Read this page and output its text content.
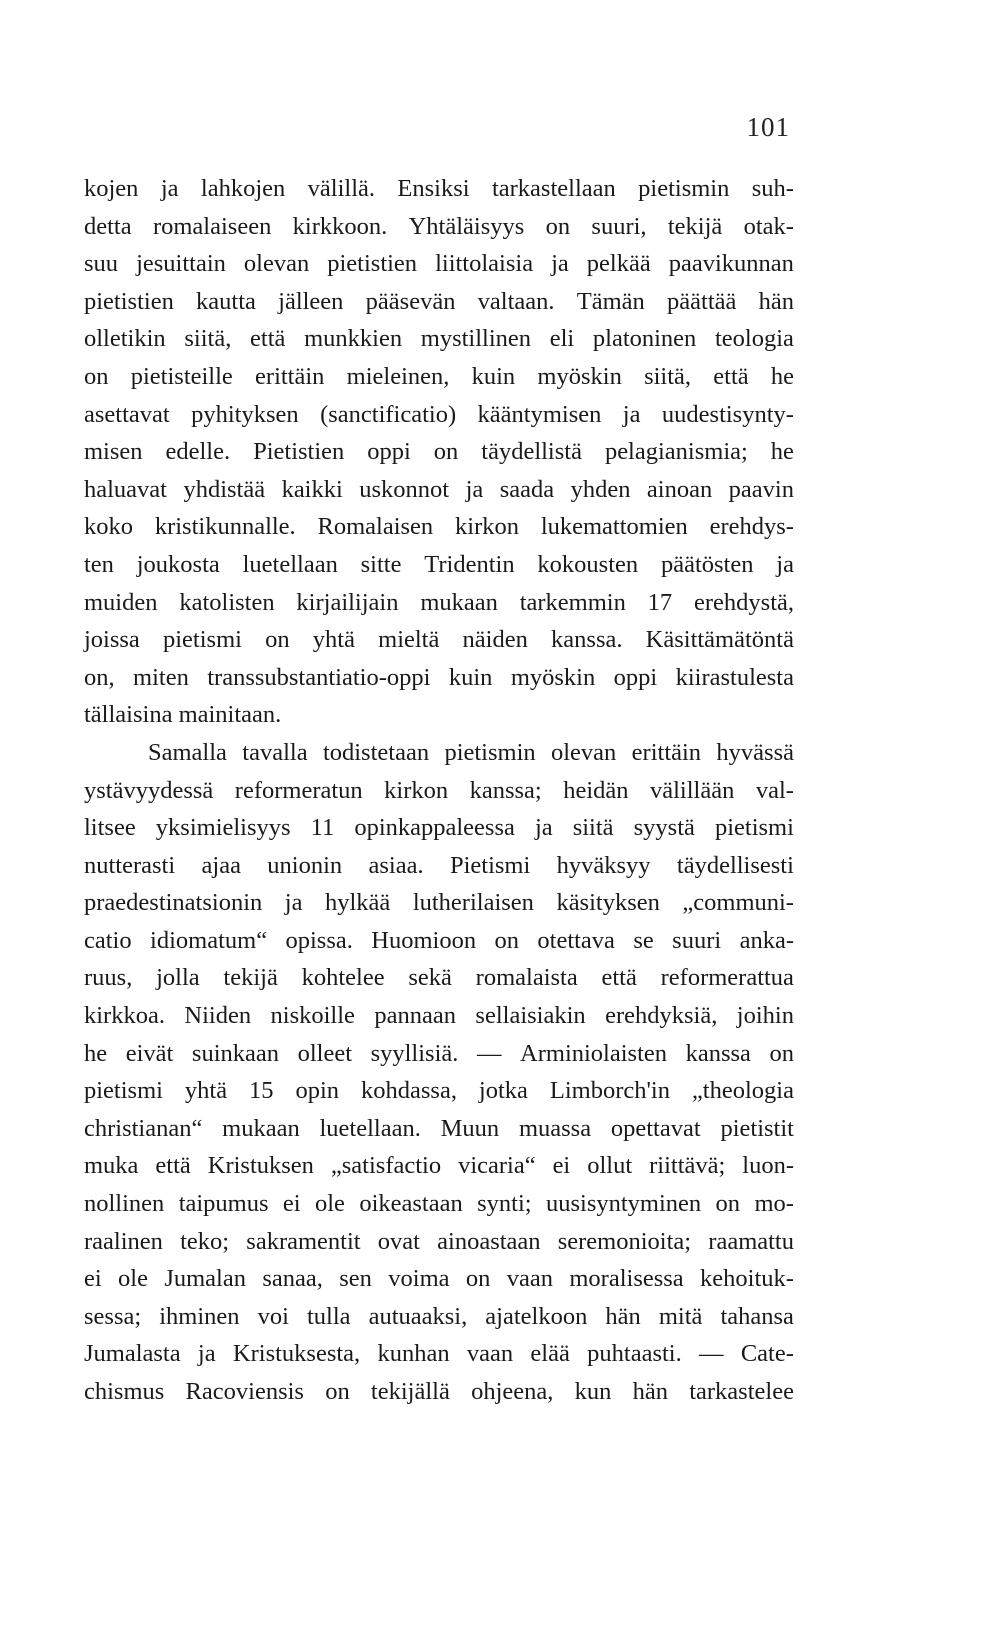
101
kojen ja lahkojen välillä. Ensiksi tarkastellaan pietismin suh-
detta romalaiseen kirkkoon. Yhtäläisyys on suuri, tekijä otak-
suu jesuittain olevan pietistien liittolaisia ja pelkää paavikunnan
pietistien kautta jälleen pääsevän valtaan. Tämän päättää hän
olletikin siitä, että munkkien mystillinen eli platoninen teologia
on pietisteille erittäin mieleinen, kuin myöskin siitä, että he
asettavat pyhityksen (sanctificatio) kääntymisen ja uudestisynty-
misen edelle. Pietistien oppi on täydellistä pelagianismia; he
haluavat yhdistää kaikki uskonnot ja saada yhden ainoan paavin
koko kristikunnalle. Romalaisen kirkon lukemattomien erehdys-
ten joukosta luetellaan sitte Tridentin kokousten päätösten ja
muiden katolisten kirjailijain mukaan tarkemmin 17 erehdystä,
joissa pietismi on yhtä mieltä näiden kanssa. Käsittämätöntä
on, miten transsubstantiatio-oppi kuin myöskin oppi kiirastulesta
tällaisina mainitaan.
Samalla tavalla todistetaan pietismin olevan erittäin hyvässä
ystävyydessä reformeratun kirkon kanssa; heidän välillään val-
litsee yksimielisyys 11 opinkappaleessa ja siitä syystä pietismi
nutterasti ajaa unionin asiaa. Pietismi hyväksyy täydellisesti
praedestinatsionin ja hylkää lutherilaisen käsityksen „communi-
catio idiomatum“ opissa. Huomioon on otettava se suuri anka-
ruus, jolla tekijä kohtelee sekä romalaista että reformerattua
kirkkoa. Niiden niskoille pannaan sellaisiakin erehdyksiä, joihin
he eivät suinkaan olleet syyllisiä. — Arminiolaisten kanssa on
pietismi yhtä 15 opin kohdassa, jotka Limborch'in „theologia
christianan“ mukaan luetellaan. Muun muassa opettavat pietistit
muka että Kristuksen „satisfactio vicaria“ ei ollut riittävä; luon-
nollinen taipumus ei ole oikeastaan synti; uusisyntyminen on mo-
raalinen teko; sakramentit ovat ainoastaan seremonioita; raamattu
ei ole Jumalan sanaa, sen voima on vaan moralisessa kehoituk-
sessa; ihminen voi tulla autuaaksi, ajatelkoon hän mitä tahansa
Jumalasta ja Kristuksesta, kunhan vaan elää puhtaasti. — Cate-
chismus Racoviensis on tekijällä ohjeena, kun hän tarkastelee
